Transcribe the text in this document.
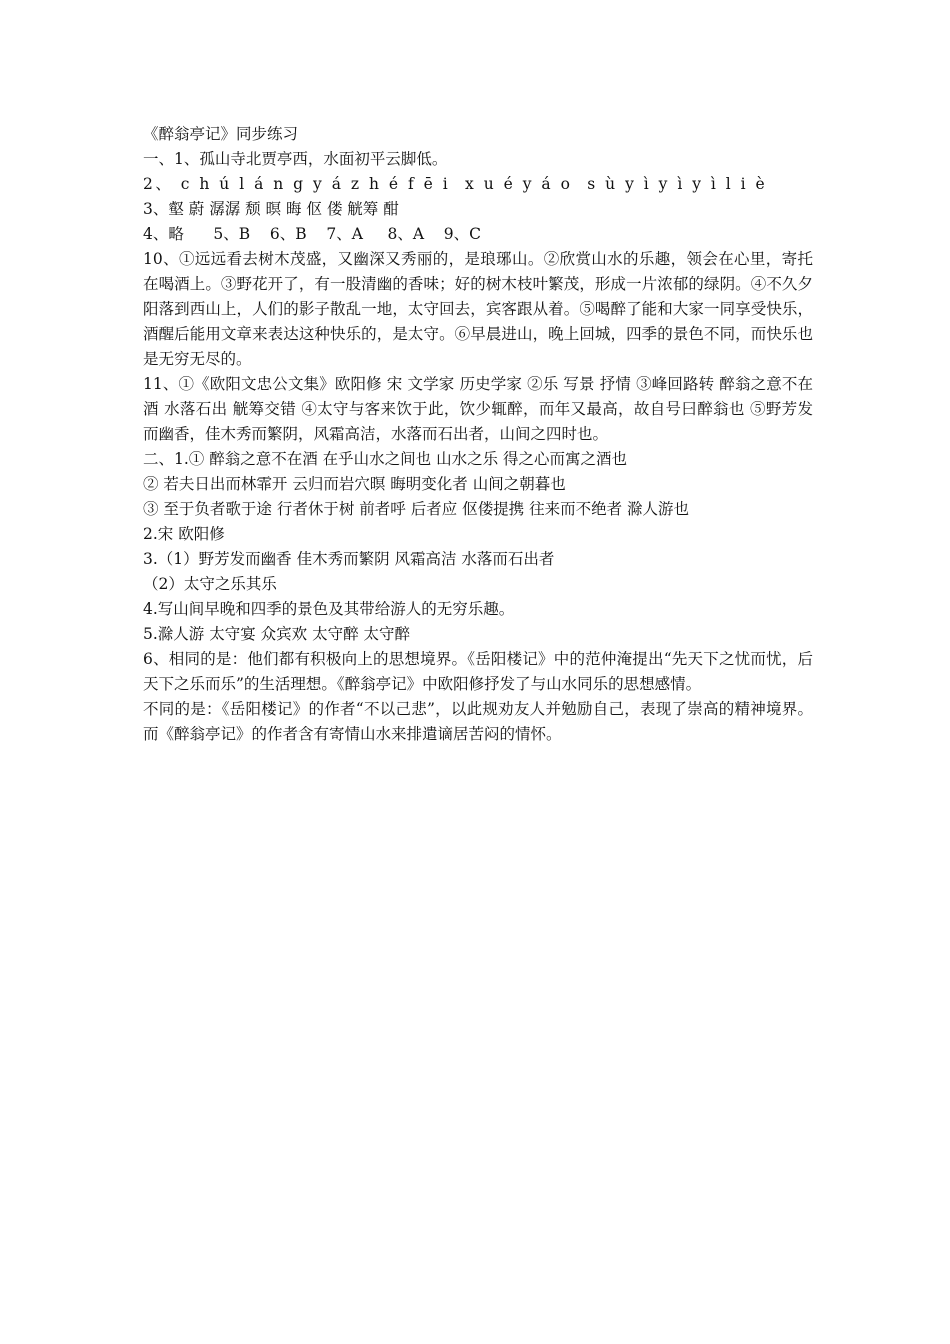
《醉翁亭记》同步练习
一、1、孤山寺北贾亭西，水面初平云脚低。
2、 c h ú l á n g y á z h é f ē i  x u é y á o  s ù y ì y ì y ì l i è
3、壑 蔚 潺潺 颓 暝 晦 伛 偻 觥筹 酣
4、略      5、B    6、B    7、A     8、A    9、C
10、①远远看去树木茂盛，又幽深又秀丽的，是琅琊山。②欣赏山水的乐趣，领会在心里，寄托在喝酒上。③野花开了，有一股清幽的香味；好的树木枝叶繁茂，形成一片浓郁的绿阴。④不久夕阳落到西山上，人们的影子散乱一地，太守回去，宾客跟从着。⑤喝醉了能和大家一同享受快乐，酒醒后能用文章来表达这种快乐的，是太守。⑥早晨进山，晚上回城，四季的景色不同，而快乐也是无穷无尽的。
11、①《欧阳文忠公文集》欧阳修 宋 文学家 历史学家 ②乐 写景 抒情 ③峰回路转 醉翁之意不在酒 水落石出 觥筹交错 ④太守与客来饮于此，饮少辄醉，而年又最高，故自号曰醉翁也 ⑤野芳发而幽香，佳木秀而繁阴，风霜高洁，水落而石出者，山间之四时也。
二、1.① 醉翁之意不在酒 在乎山水之间也 山水之乐 得之心而寓之酒也
② 若夫日出而林霏开 云归而岩穴暝 晦明变化者 山间之朝暮也
③ 至于负者歌于途 行者休于树 前者呼 后者应 伛偻提携 往来而不绝者 滁人游也
2.宋 欧阳修
3.（1）野芳发而幽香 佳木秀而繁阴 风霜高洁 水落而石出者
（2）太守之乐其乐
4.写山间早晚和四季的景色及其带给游人的无穷乐趣。
5.滁人游 太守宴 众宾欢 太守醉 太守醉
6、相同的是：他们都有积极向上的思想境界。《岳阳楼记》中的范仲淹提出“先天下之忧而忧，后天下之乐而乐”的生活理想。《醉翁亭记》中欧阳修抒发了与山水同乐的思想感情。
不同的是：《岳阳楼记》的作者“不以己悲”，以此规劝友人并勉励自己，表现了崇高的精神境界。而《醉翁亭记》的作者含有寄情山水来排遣谪居苦闷的情怀。
